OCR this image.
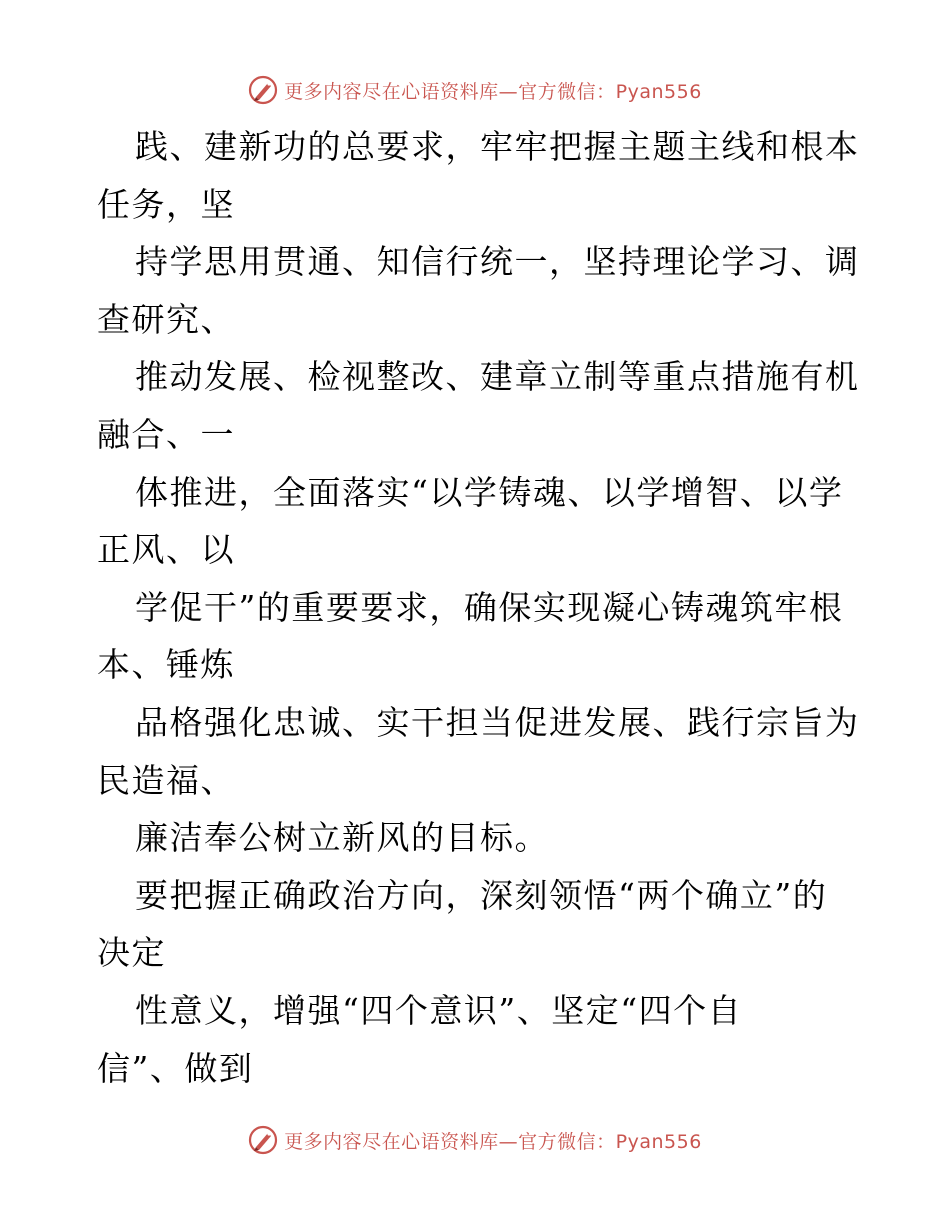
更多内容尽在心语资料库—官方微信：Pyan556
践、建新功的总要求，牢牢把握主题主线和根本
任务，坚
持学思用贯通、知信行统一，坚持理论学习、调
查研究、
推动发展、检视整改、建章立制等重点措施有机
融合、一
体推进，全面落实“以学铸魂、以学增智、以学
正风、以
学促干”的重要要求，确保实现凝心铸魂筑牢根
本、锤炼
品格强化忠诚、实干担当促进发展、践行宗旨为
民造福、
廉洁奉公树立新风的目标。
要把握正确政治方向，深刻领悟“两个确立”的
决定
性意义，增强“四个意识”、坚定“四个自
信”、做到
更多内容尽在心语资料库—官方微信：Pyan556
